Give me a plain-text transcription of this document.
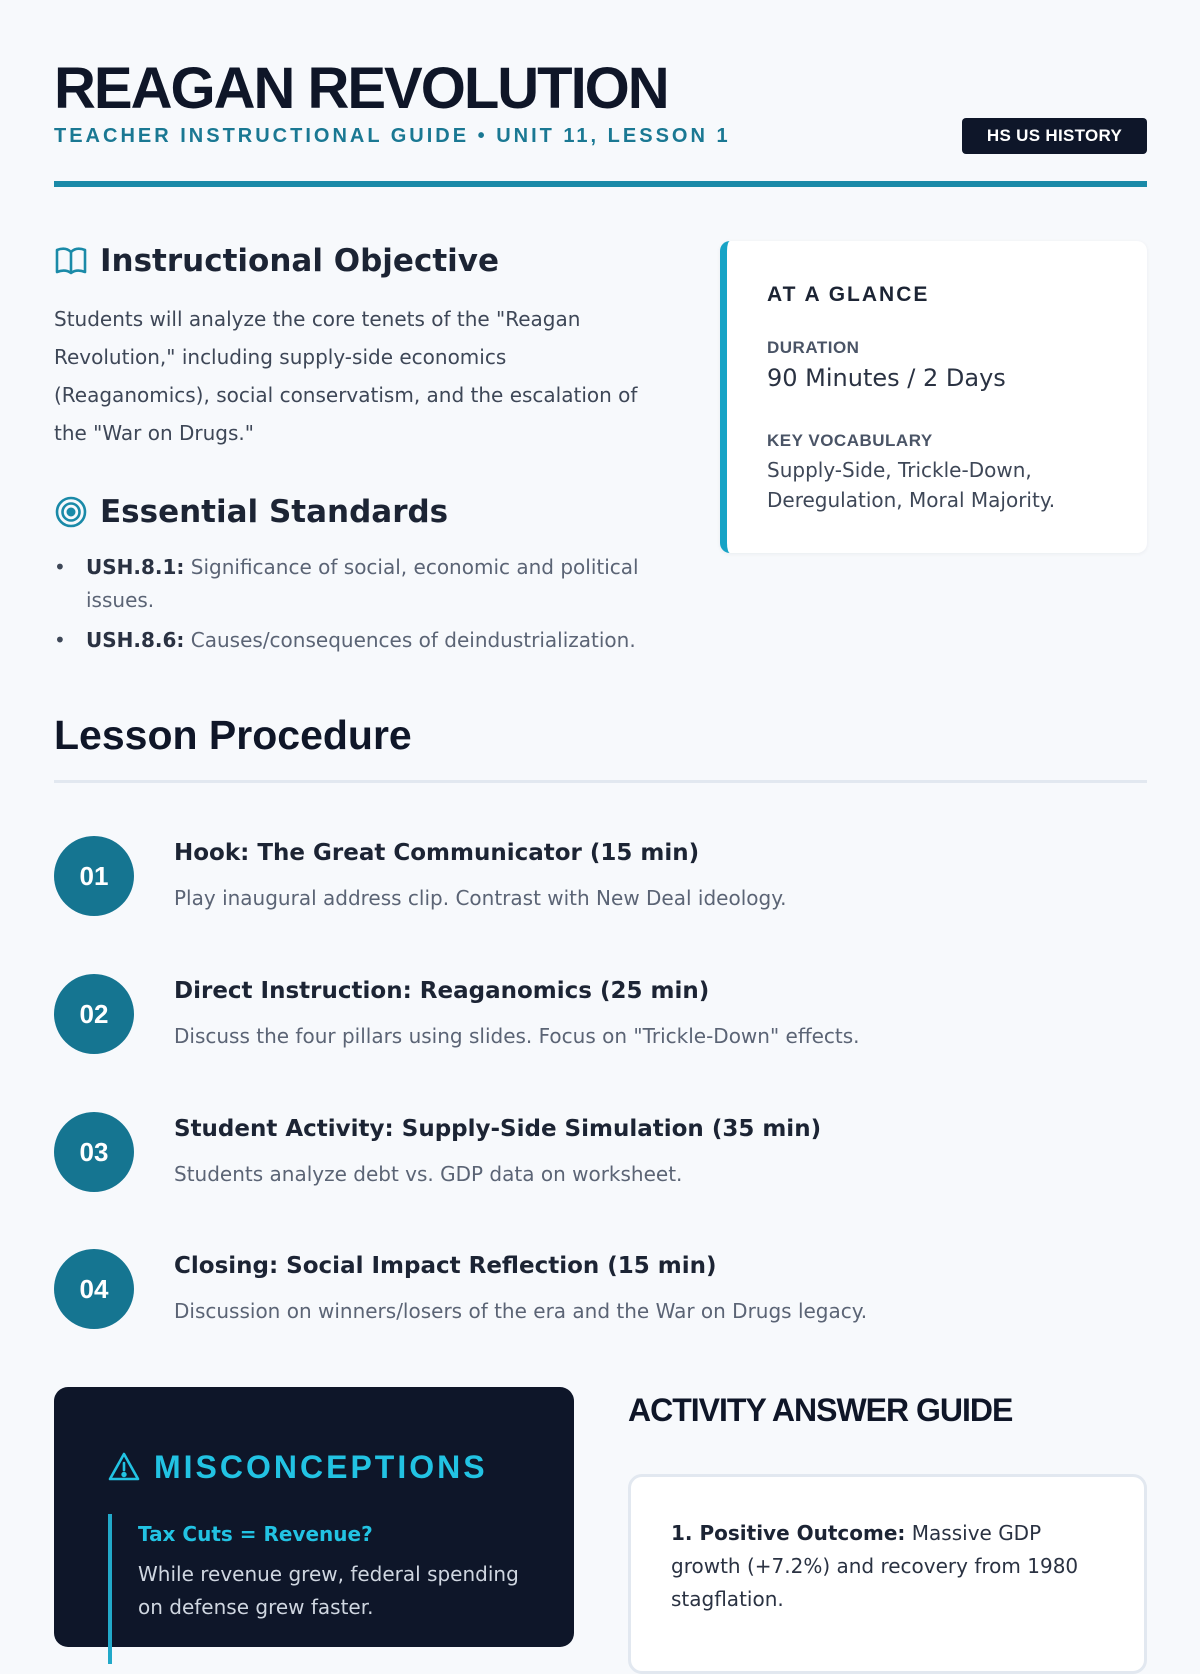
REAGAN REVOLUTION
TEACHER INSTRUCTIONAL GUIDE • UNIT 11, LESSON 1	HS US HISTORY
Instructional Objective
Students will analyze the core tenets of the "Reagan Revolution," including supply-side economics (Reaganomics), social conservatism, and the escalation of the "War on Drugs."
Essential Standards
• USH.8.1: Significance of social, economic and political issues.
• USH.8.6: Causes/consequences of deindustrialization.
AT A GLANCE
DURATION
90 Minutes / 2 Days
KEY VOCABULARY
Supply-Side, Trickle-Down, Deregulation, Moral Majority.
Lesson Procedure
01
Hook: The Great Communicator (15 min)
Play inaugural address clip. Contrast with New Deal ideology.
02
Direct Instruction: Reaganomics (25 min)
Discuss the four pillars using slides. Focus on "Trickle-Down" effects.
03
Student Activity: Supply-Side Simulation (35 min)
Students analyze debt vs. GDP data on worksheet.
04
Closing: Social Impact Reflection (15 min)
Discussion on winners/losers of the era and the War on Drugs legacy.
MISCONCEPTIONS
Tax Cuts = Revenue?
While revenue grew, federal spending on defense grew faster.
ACTIVITY ANSWER GUIDE
1. Positive Outcome: Massive GDP growth (+7.2%) and recovery from 1980 stagflation.
